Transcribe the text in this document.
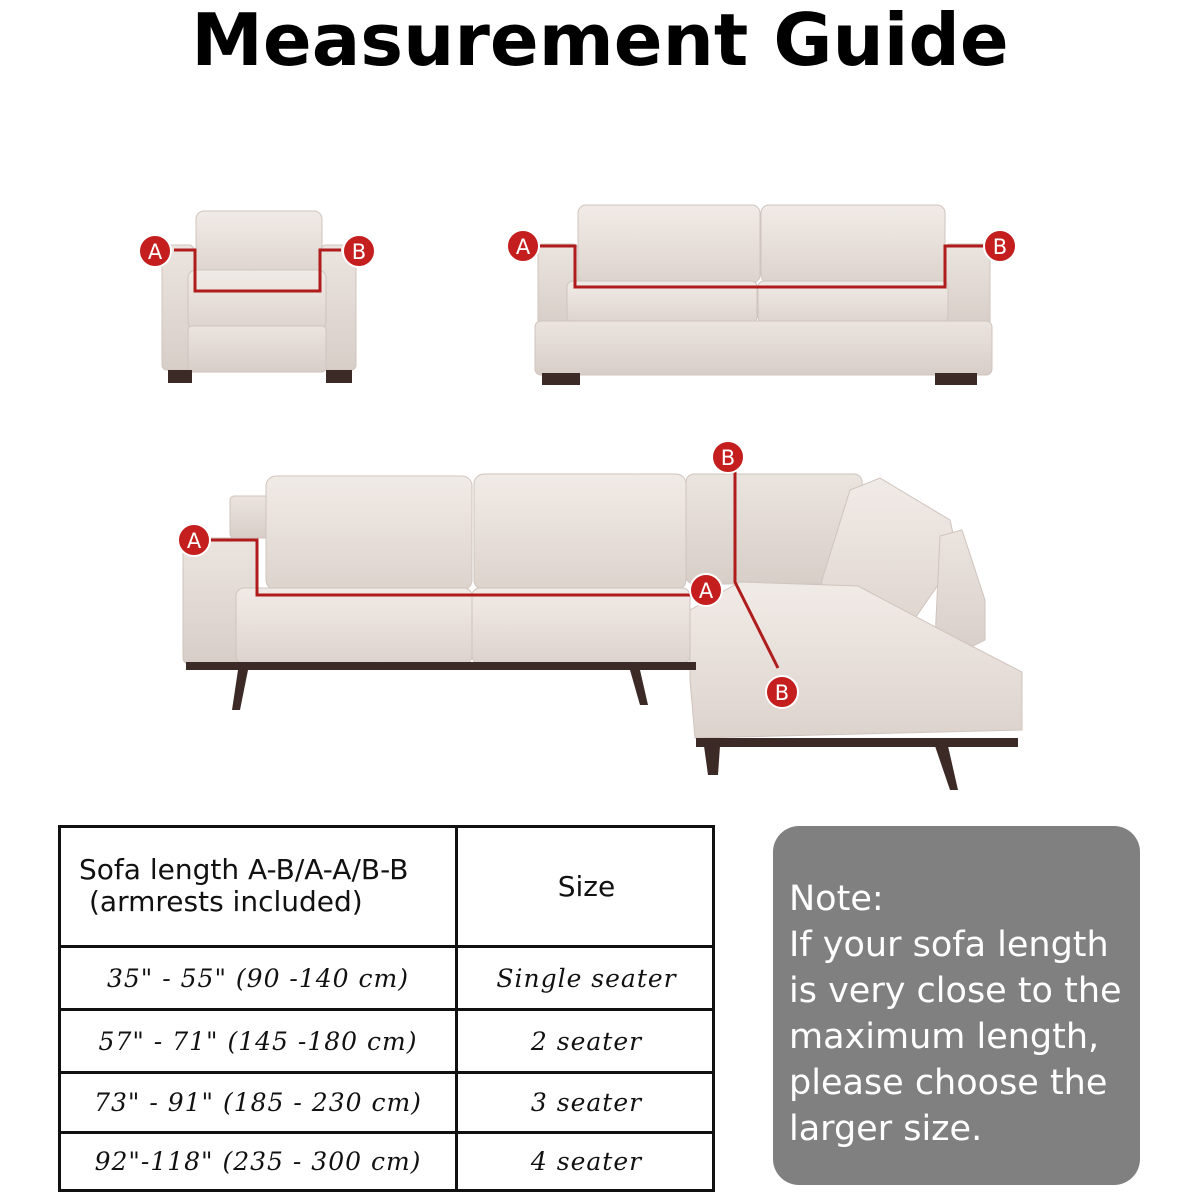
Measurement Guide
A	B	A	B
B
A
A
B
Sofa length A-B/A-A/B-B
(armrests included)	Size
35" - 55" (90 -140 cm)	Single seater
57" - 71" (145 -180 cm)	2 seater
73" - 91" (185 - 230 cm)	3 seater
92"-118" (235 - 300 cm)	4 seater
Note:
If your sofa length
is very close to the
maximum length,
please choose the
larger size.
